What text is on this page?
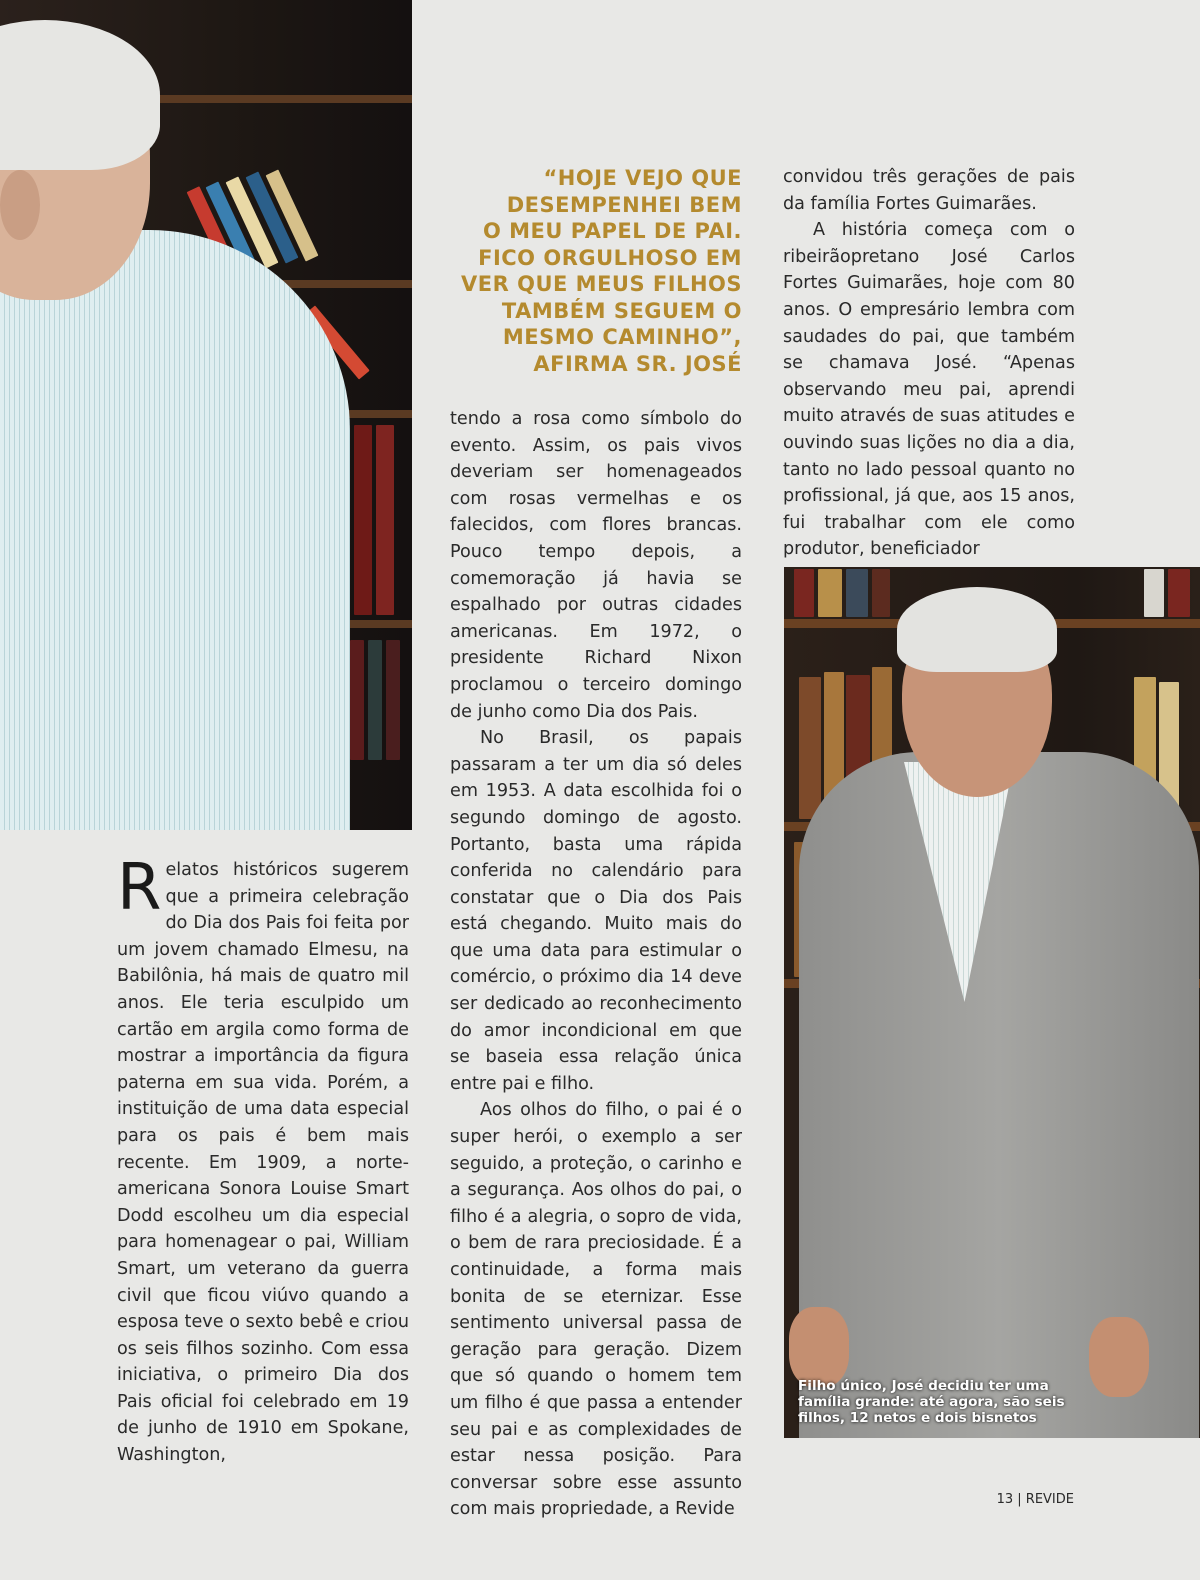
“HOJE VEJO QUE
DESEMPENHEI BEM
O MEU PAPEL DE PAI.
FICO ORGULHOSO EM
VER QUE MEUS FILHOS
TAMBÉM SEGUEM O
MESMO CAMINHO”,
AFIRMA SR. JOSÉ

Relatos históricos sugerem que a primeira celebração do Dia dos Pais foi feita por um jovem chamado Elmesu, na Babilônia, há mais de quatro mil anos. Ele teria esculpido um cartão em argila como forma de mostrar a importância da figura paterna em sua vida. Porém, a instituição de uma data especial para os pais é bem mais recente. Em 1909, a norte-americana Sonora Louise Smart Dodd escolheu um dia especial para homenagear o pai, William Smart, um veterano da guerra civil que ficou viúvo quando a esposa teve o sexto bebê e criou os seis filhos sozinho. Com essa iniciativa, o primeiro Dia dos Pais oficial foi celebrado em 19 de junho de 1910 em Spokane, Washington,

tendo a rosa como símbolo do evento. Assim, os pais vivos deveriam ser homenageados com rosas vermelhas e os falecidos, com flores brancas. Pouco tempo depois, a comemoração já havia se espalhado por outras cidades americanas. Em 1972, o presidente Richard Nixon proclamou o terceiro domingo de junho como Dia dos Pais.

No Brasil, os papais passaram a ter um dia só deles em 1953. A data escolhida foi o segundo domingo de agosto. Portanto, basta uma rápida conferida no calendário para constatar que o Dia dos Pais está chegando. Muito mais do que uma data para estimular o comércio, o próximo dia 14 deve ser dedicado ao reconhecimento do amor incondicional em que se baseia essa relação única entre pai e filho.

Aos olhos do filho, o pai é o super herói, o exemplo a ser seguido, a proteção, o carinho e a segurança. Aos olhos do pai, o filho é a alegria, o sopro de vida, o bem de rara preciosidade. É a continuidade, a forma mais bonita de se eternizar. Esse sentimento universal passa de geração para geração. Dizem que só quando o homem tem um filho é que passa a entender seu pai e as complexidades de estar nessa posição. Para conversar sobre esse assunto com mais propriedade, a Revide

convidou três gerações de pais da família Fortes Guimarães.

A história começa com o ribeirãopretano José Carlos Fortes Guimarães, hoje com 80 anos. O empresário lembra com saudades do pai, que também se chamava José. “Apenas observando meu pai, aprendi muito através de suas atitudes e ouvindo suas lições no dia a dia, tanto no lado pessoal quanto no profissional, já que, aos 15 anos, fui trabalhar com ele como produtor, beneficiador

Filho único, José decidiu ter uma família grande: até agora, são seis filhos, 12 netos e dois bisnetos
13 | REVIDE
